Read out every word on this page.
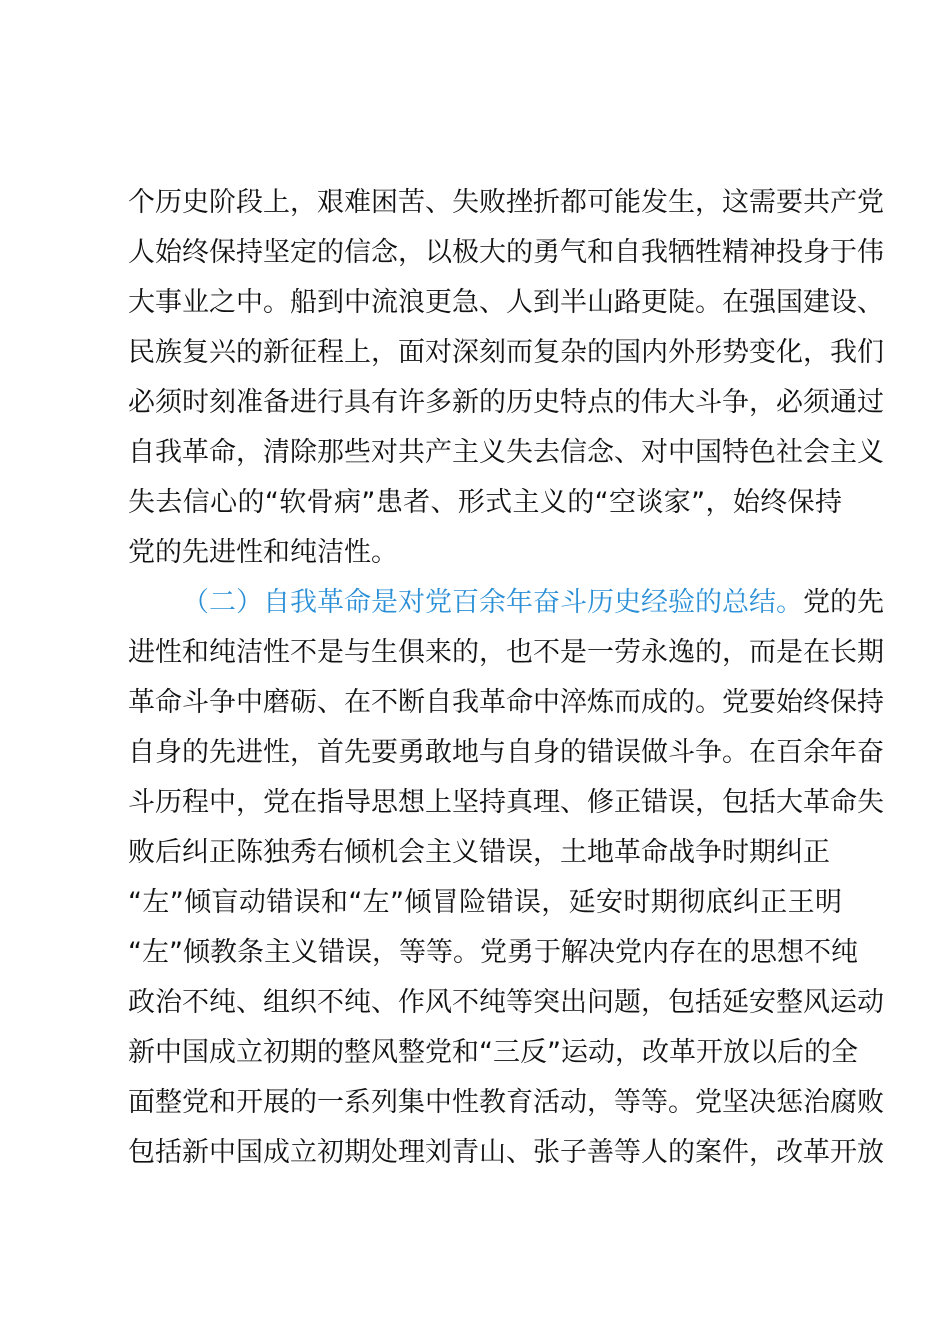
个历史阶段上，艰难困苦、失败挫折都可能发生，这需要共产党
人始终保持坚定的信念，以极大的勇气和自我牺牲精神投身于伟
大事业之中。船到中流浪更急、人到半山路更陡。在强国建设、
民族复兴的新征程上，面对深刻而复杂的国内外形势变化，我们
必须时刻准备进行具有许多新的历史特点的伟大斗争，必须通过
自我革命，清除那些对共产主义失去信念、对中国特色社会主义
失去信心的“软骨病”患者、形式主义的“空谈家”，始终保持
党的先进性和纯洁性。
（二）自我革命是对党百余年奋斗历史经验的总结。党的先
进性和纯洁性不是与生俱来的，也不是一劳永逸的，而是在长期
革命斗争中磨砺、在不断自我革命中淬炼而成的。党要始终保持
自身的先进性，首先要勇敢地与自身的错误做斗争。在百余年奋
斗历程中，党在指导思想上坚持真理、修正错误，包括大革命失
败后纠正陈独秀右倾机会主义错误，土地革命战争时期纠正
“左”倾盲动错误和“左”倾冒险错误，延安时期彻底纠正王明
“左”倾教条主义错误，等等。党勇于解决党内存在的思想不纯
政治不纯、组织不纯、作风不纯等突出问题，包括延安整风运动
新中国成立初期的整风整党和“三反”运动，改革开放以后的全
面整党和开展的一系列集中性教育活动，等等。党坚决惩治腐败
包括新中国成立初期处理刘青山、张子善等人的案件，改革开放
